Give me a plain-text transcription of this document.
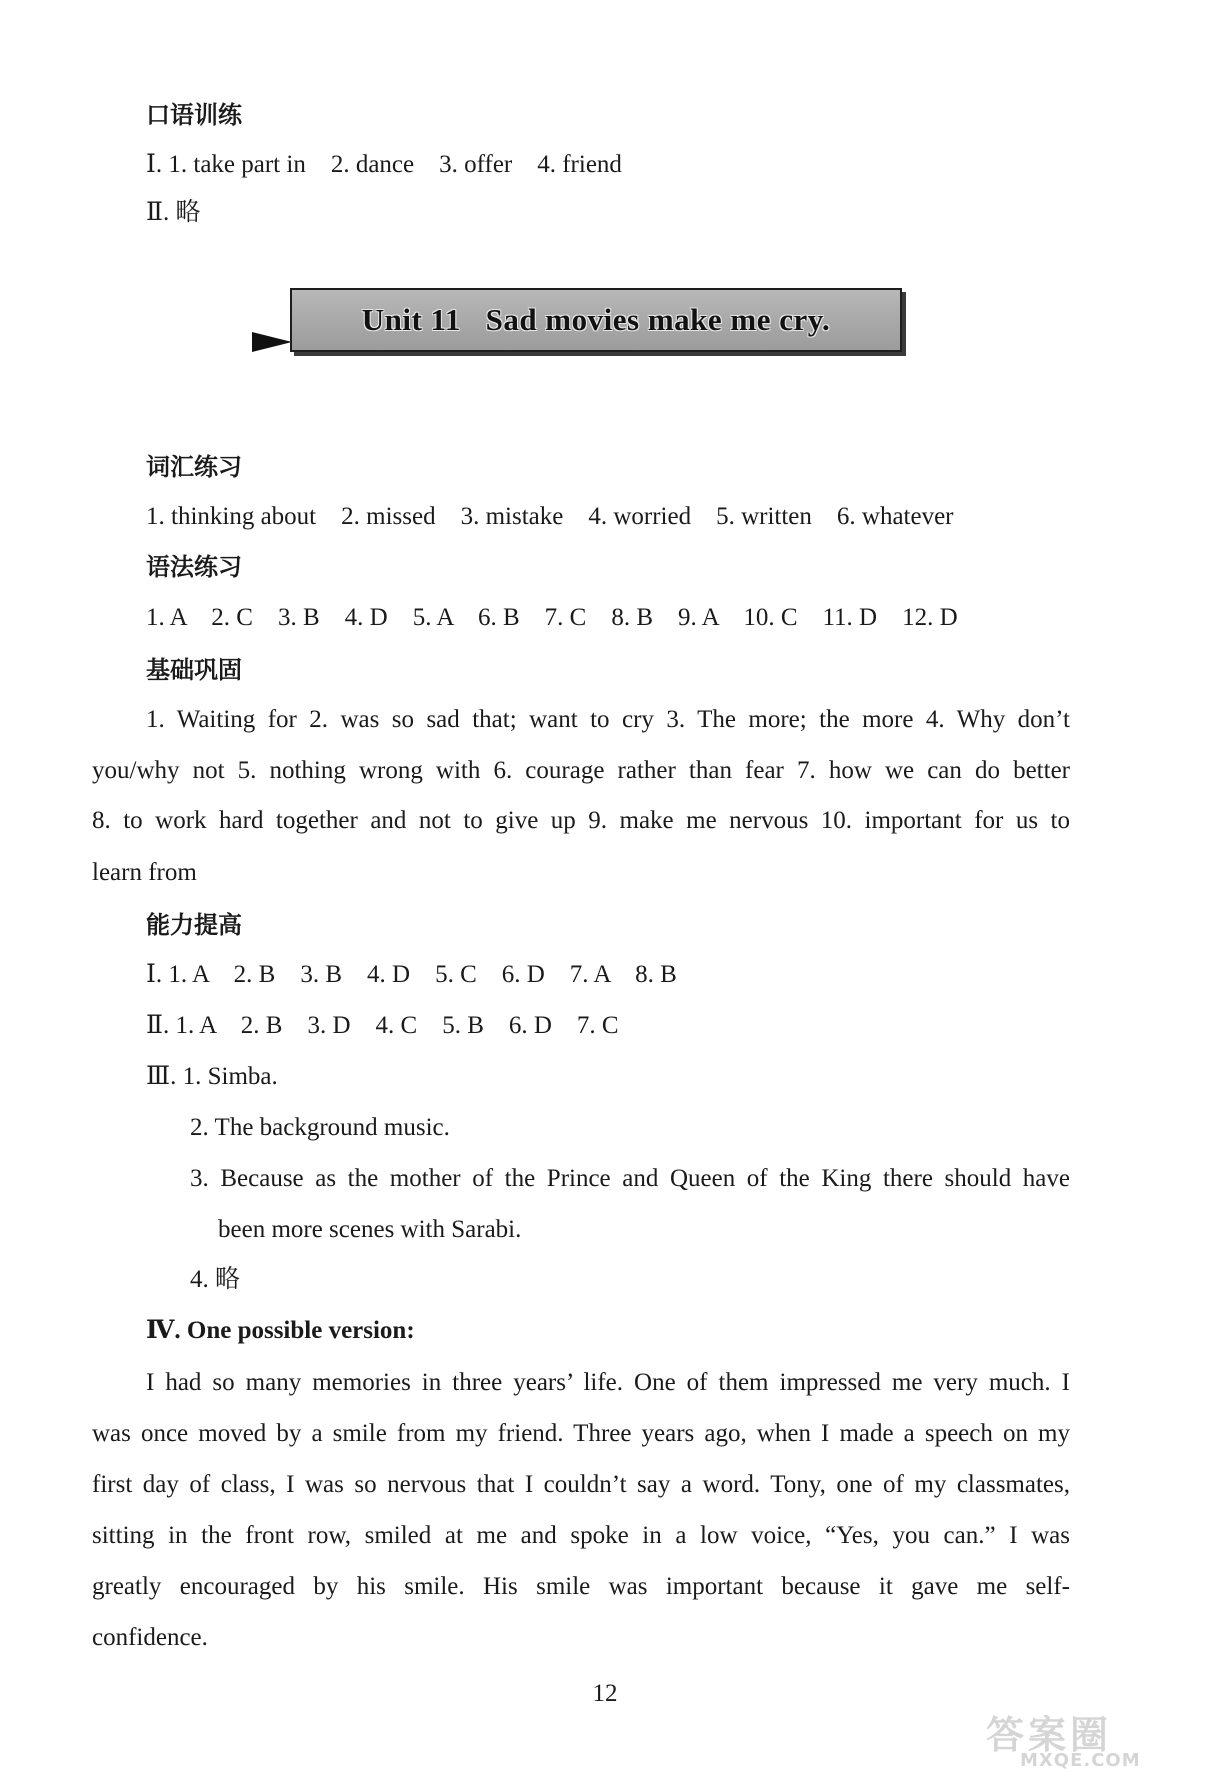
口语训练
Ⅰ. 1. take part in    2. dance    3. offer    4. friend
Ⅱ. 略
Unit 11   Sad movies make me cry.
词汇练习
1. thinking about    2. missed    3. mistake    4. worried    5. written    6. whatever
语法练习
1. A    2. C    3. B    4. D    5. A    6. B    7. C    8. B    9. A    10. C    11. D    12. D
基础巩固
1. Waiting for 2. was so sad that; want to cry 3. The more; the more 4. Why don’t
you/why not 5. nothing wrong with 6. courage rather than fear 7. how we can do better
8. to work hard together and not to give up 9. make me nervous 10. important for us to
learn from
能力提高
Ⅰ. 1. A    2. B    3. B    4. D    5. C    6. D    7. A    8. B
Ⅱ. 1. A    2. B    3. D    4. C    5. B    6. D    7. C
Ⅲ. 1. Simba.
2. The background music.
3. Because as the mother of the Prince and Queen of the King there should have
been more scenes with Sarabi.
4. 略
Ⅳ. One possible version:
I had so many memories in three years’ life. One of them impressed me very much. I
was once moved by a smile from my friend. Three years ago, when I made a speech on my
first day of class, I was so nervous that I couldn’t say a word. Tony, one of my classmates,
sitting in the front row, smiled at me and spoke in a low voice, “Yes, you can.” I was
greatly encouraged by his smile. His smile was important because it gave me self-
confidence.
12
答案圈
MXQE.COM
